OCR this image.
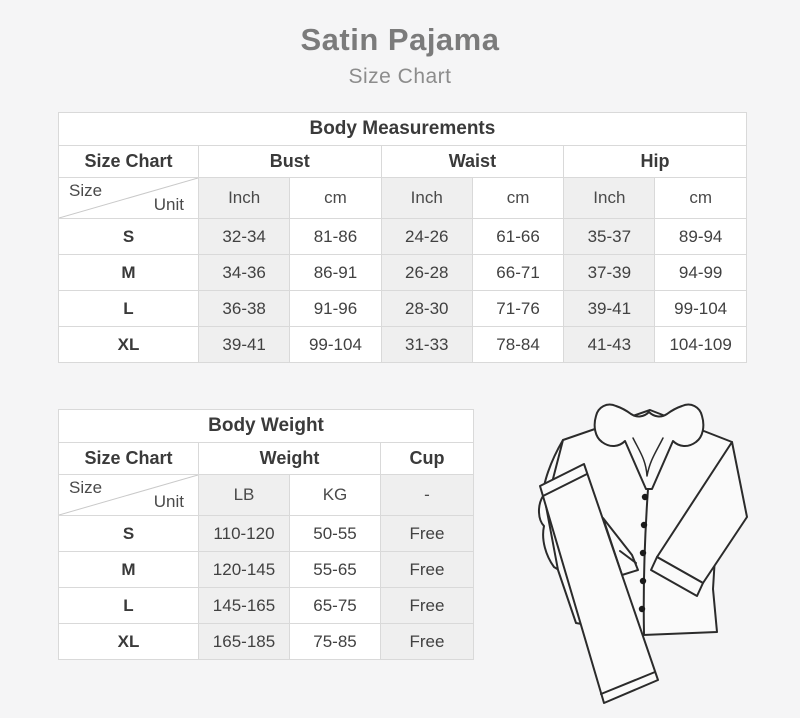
Satin Pajama
Size Chart
Body Measurements						
Size Chart	Bust		Waist		Hip	

Size
Unit	Inch	cm	Inch	cm	Inch	cm
S	32-34	81-86	24-26	61-66	35-37	89-94
M	34-36	86-91	26-28	66-71	37-39	94-99
L	36-38	91-96	28-30	71-76	39-41	99-104
XL	39-41	99-104	31-33	78-84	41-43	104-109
Body Weight			
Size Chart	Weight		Cup

Size
Unit	LB	KG	-
S	110-120	50-55	Free
M	120-145	55-65	Free
L	145-165	65-75	Free
XL	165-185	75-85	Free
